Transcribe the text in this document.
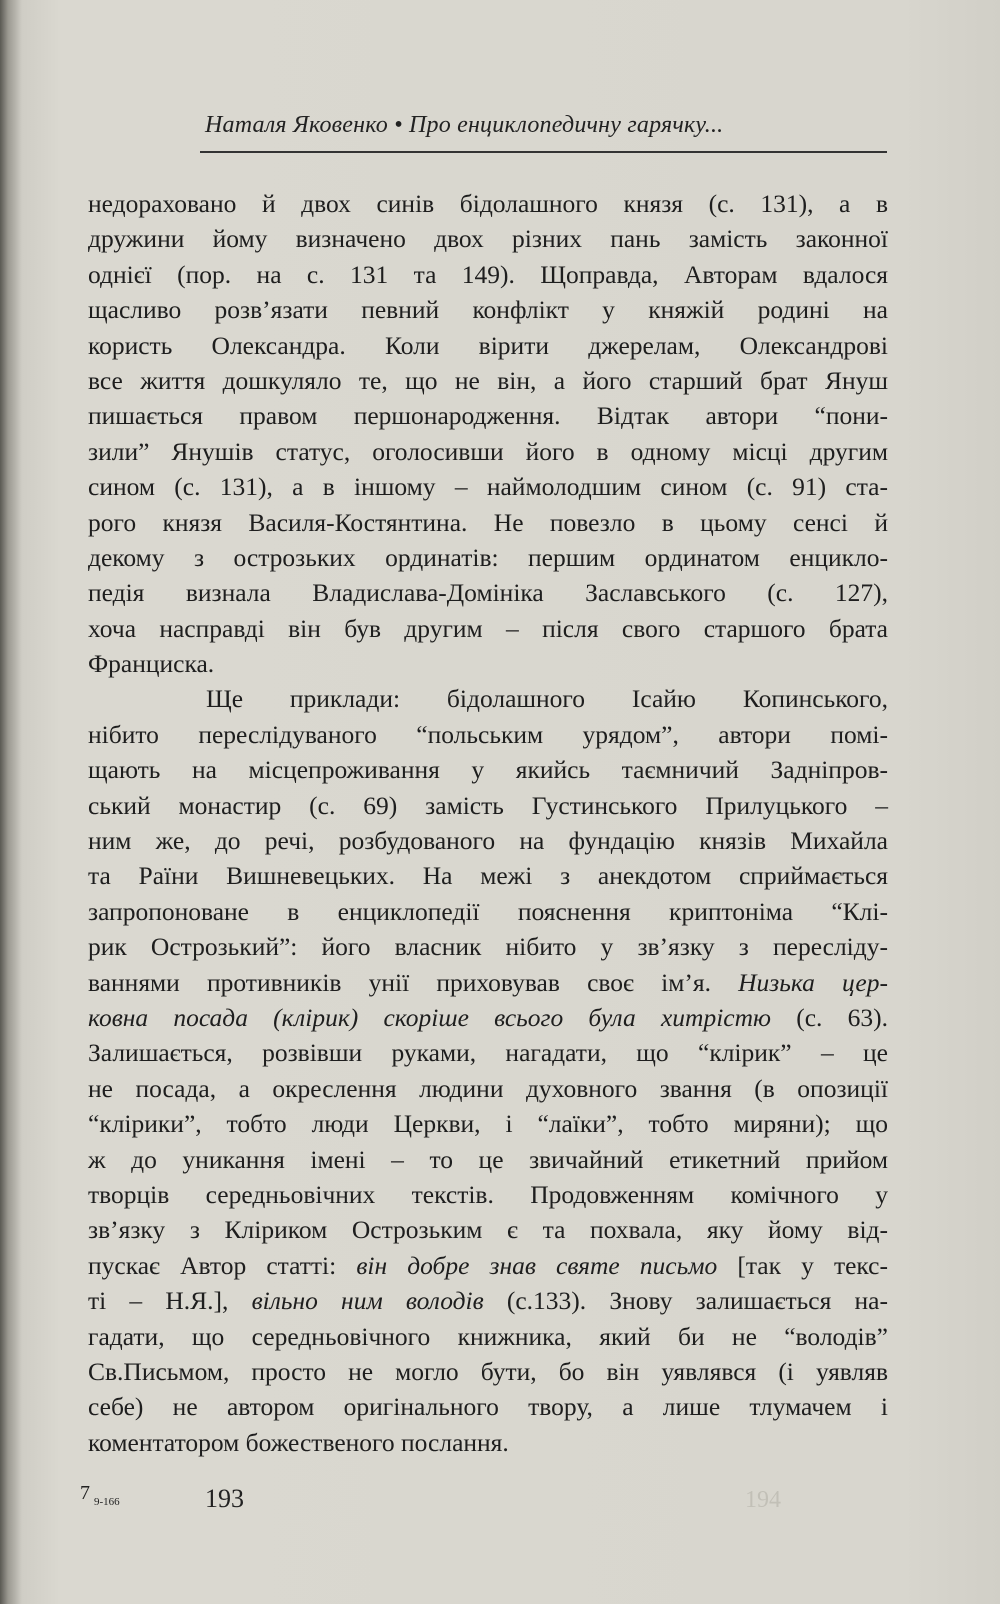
Наталя Яковенко • Про енциклопедичну гарячку...
недораховано й двох синів бідолашного князя (с. 131), а в
дружини йому визначено двох різних пань замість законної
однієї (пор. на с. 131 та 149). Щоправда, Авторам вдалося
щасливо розв’язати певний конфлікт у княжій родині на
користь Олександра. Коли вірити джерелам, Олександрові
все життя дошкуляло те, що не він, а його старший брат Януш
пишається правом першонародження. Відтак автори “пони-
зили” Янушів статус, оголосивши його в одному місці другим
сином (с. 131), а в іншому – наймолодшим сином (с. 91) ста-
рого князя Василя-Костянтина. Не повезло в цьому сенсі й
декому з острозьких ординатів: першим ординатом енцикло-
педія визнала Владислава-Домініка Заславського (с. 127),
хоча насправді він був другим – після свого старшого брата
Франциска.
Ще приклади: бідолашного Ісайю Копинського,
нібито переслідуваного “польським урядом”, автори помі-
щають на місцепроживання у якийсь таємничий Задніпров-
ський монастир (с. 69) замість Густинського Прилуцького –
ним же, до речі, розбудованого на фундацію князів Михайла
та Раїни Вишневецьких. На межі з анекдотом сприймається
запропоноване в енциклопедії пояснення криптоніма “Клі-
рик Острозький”: його власник нібито у зв’язку з пересліду-
ваннями противників унії приховував своє ім’я. Низька цер-
ковна посада (клірик) скоріше всього була хитрістю (с. 63).
Залишається, розвівши руками, нагадати, що “клірик” – це
не посада, а окреслення людини духовного звання (в опозиції
“клірики”, тобто люди Церкви, і “лаїки”, тобто миряни); що
ж до уникання імені – то це звичайний етикетний прийом
творців середньовічних текстів. Продовженням комічного у
зв’язку з Кліриком Острозьким є та похвала, яку йому від-
пускає Автор статті: він добре знав святе письмо [так у текс-
ті – Н.Я.], вільно ним володів (с.133). Знову залишається на-
гадати, що середньовічного книжника, який би не “володів”
Св.Письмом, просто не могло бути, бо він уявлявся (і уявляв
себе) не автором оригінального твору, а лише тлумачем і
коментатором божественого послання.
7 $_{9-166}$	193	194
